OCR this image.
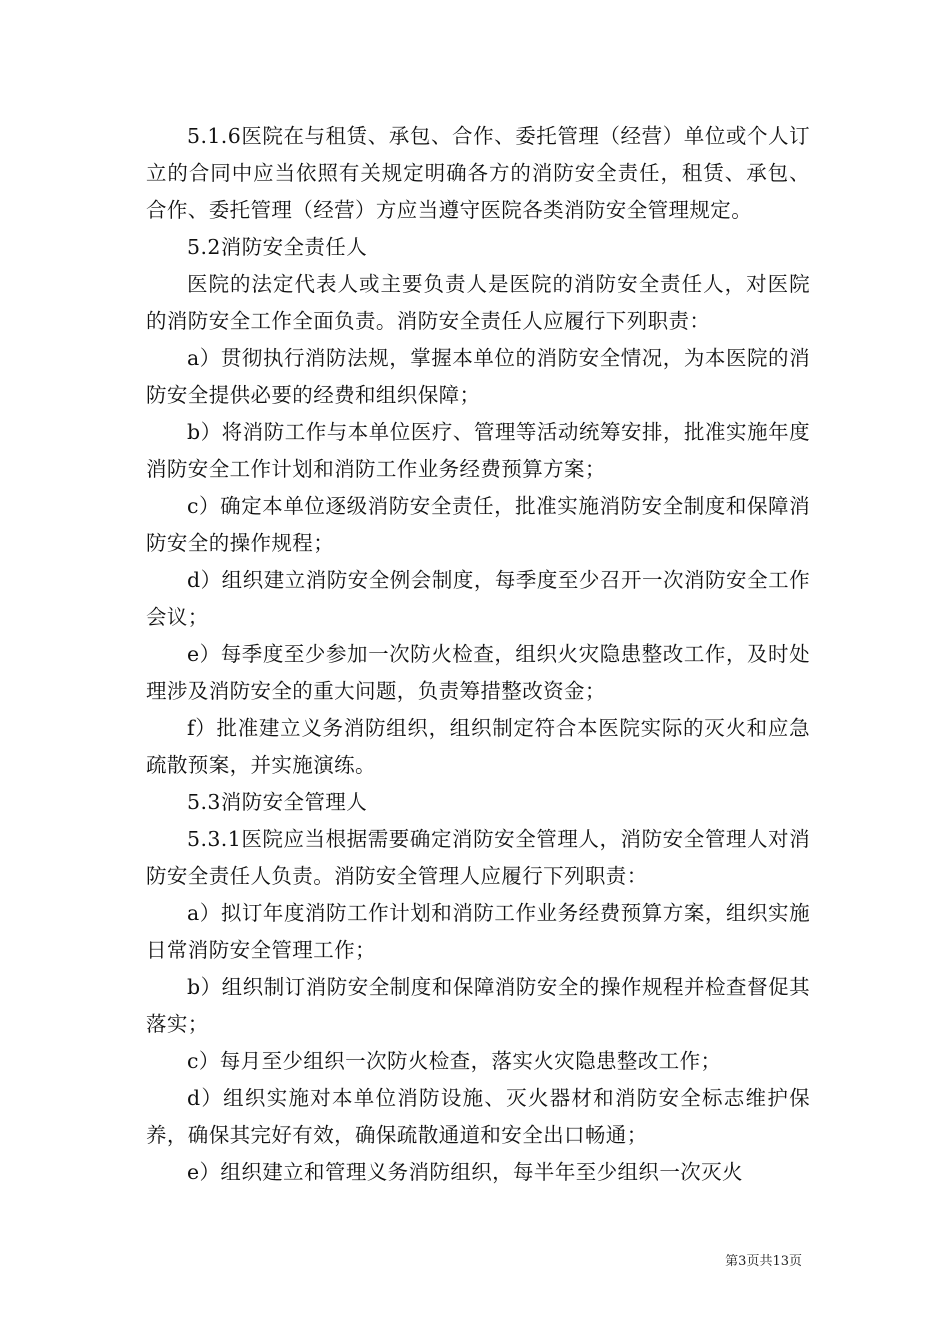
5.1.6医院在与租赁、承包、合作、委托管理（经营）单位或个人订立的合同中应当依照有关规定明确各方的消防安全责任，租赁、承包、合作、委托管理（经营）方应当遵守医院各类消防安全管理规定。

5.2消防安全责任人

医院的法定代表人或主要负责人是医院的消防安全责任人，对医院的消防安全工作全面负责。消防安全责任人应履行下列职责：

a）贯彻执行消防法规，掌握本单位的消防安全情况，为本医院的消防安全提供必要的经费和组织保障；

b）将消防工作与本单位医疗、管理等活动统筹安排，批准实施年度消防安全工作计划和消防工作业务经费预算方案；

c）确定本单位逐级消防安全责任，批准实施消防安全制度和保障消防安全的操作规程；

d）组织建立消防安全例会制度，每季度至少召开一次消防安全工作会议；

e）每季度至少参加一次防火检查，组织火灾隐患整改工作，及时处理涉及消防安全的重大问题，负责筹措整改资金；

f）批准建立义务消防组织，组织制定符合本医院实际的灭火和应急疏散预案，并实施演练。

5.3消防安全管理人

5.3.1医院应当根据需要确定消防安全管理人，消防安全管理人对消防安全责任人负责。消防安全管理人应履行下列职责：

a）拟订年度消防工作计划和消防工作业务经费预算方案，组织实施日常消防安全管理工作；

b）组织制订消防安全制度和保障消防安全的操作规程并检查督促其落实；

c）每月至少组织一次防火检查，落实火灾隐患整改工作；

d）组织实施对本单位消防设施、灭火器材和消防安全标志维护保养，确保其完好有效，确保疏散通道和安全出口畅通；

e）组织建立和管理义务消防组织，每半年至少组织一次灭火

第3页共13页
